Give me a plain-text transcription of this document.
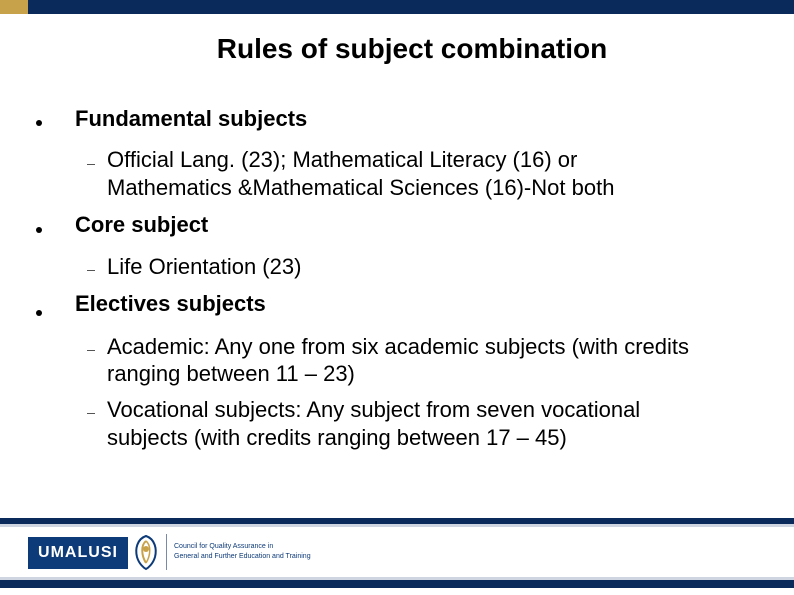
Rules of subject combination
Fundamental subjects
Official Lang. (23); Mathematical Literacy (16) or
Mathematics &Mathematical Sciences (16)-Not both
Core subject
Life Orientation (23)
Electives subjects
Academic: Any one from six academic subjects (with credits
ranging between 11 – 23)
Vocational subjects: Any subject from seven vocational
subjects (with credits ranging between 17 – 45)
UMALUSI	Council for Quality Assurance in
General and Further Education and Training
